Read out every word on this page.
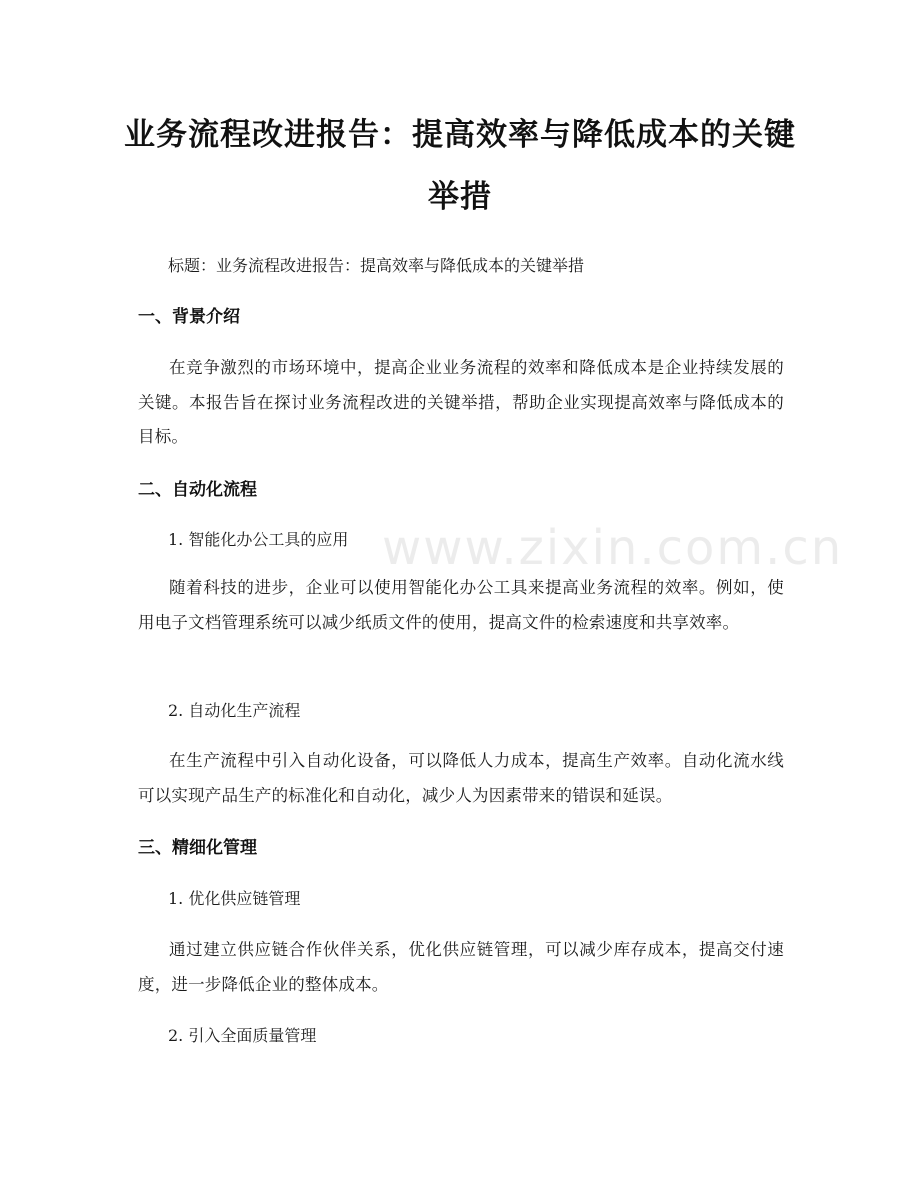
www.zixin.com.cn
业务流程改进报告：提高效率与降低成本的关键举措
标题：业务流程改进报告：提高效率与降低成本的关键举措
一、背景介绍
在竞争激烈的市场环境中，提高企业业务流程的效率和降低成本是企业持续发展的关键。本报告旨在探讨业务流程改进的关键举措，帮助企业实现提高效率与降低成本的目标。
二、自动化流程
1. 智能化办公工具的应用
随着科技的进步，企业可以使用智能化办公工具来提高业务流程的效率。例如，使用电子文档管理系统可以减少纸质文件的使用，提高文件的检索速度和共享效率。
2. 自动化生产流程
在生产流程中引入自动化设备，可以降低人力成本，提高生产效率。自动化流水线可以实现产品生产的标准化和自动化，减少人为因素带来的错误和延误。
三、精细化管理
1. 优化供应链管理
通过建立供应链合作伙伴关系，优化供应链管理，可以减少库存成本，提高交付速度，进一步降低企业的整体成本。
2. 引入全面质量管理
